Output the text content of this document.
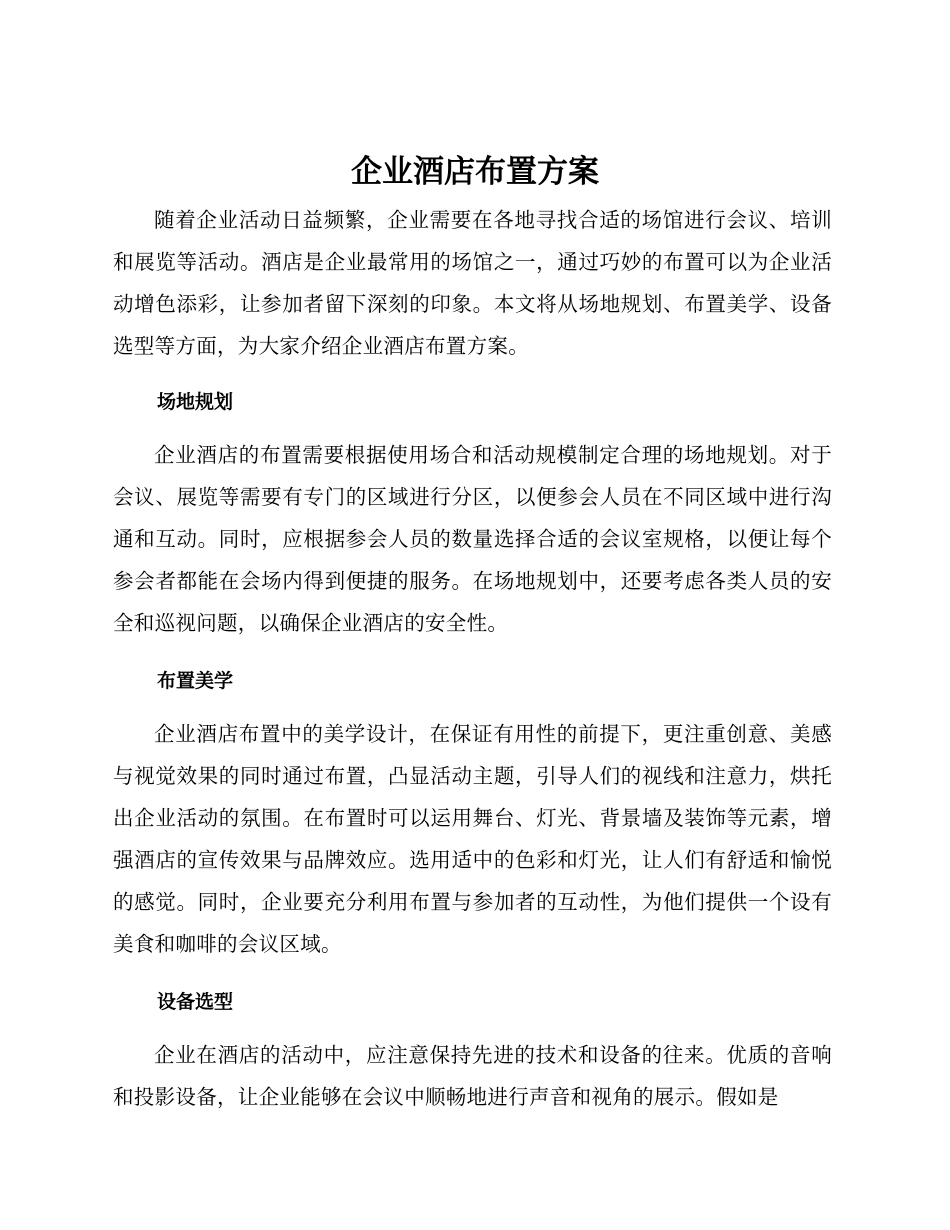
企业酒店布置方案

随着企业活动日益频繁，企业需要在各地寻找合适的场馆进行会议、培训和展览等活动。酒店是企业最常用的场馆之一，通过巧妙的布置可以为企业活动增色添彩，让参加者留下深刻的印象。本文将从场地规划、布置美学、设备选型等方面，为大家介绍企业酒店布置方案。

场地规划

企业酒店的布置需要根据使用场合和活动规模制定合理的场地规划。对于会议、展览等需要有专门的区域进行分区，以便参会人员在不同区域中进行沟通和互动。同时，应根据参会人员的数量选择合适的会议室规格，以便让每个参会者都能在会场内得到便捷的服务。在场地规划中，还要考虑各类人员的安全和巡视问题，以确保企业酒店的安全性。

布置美学

企业酒店布置中的美学设计，在保证有用性的前提下，更注重创意、美感与视觉效果的同时通过布置，凸显活动主题，引导人们的视线和注意力，烘托出企业活动的氛围。在布置时可以运用舞台、灯光、背景墙及装饰等元素，增强酒店的宣传效果与品牌效应。选用适中的色彩和灯光，让人们有舒适和愉悦的感觉。同时，企业要充分利用布置与参加者的互动性，为他们提供一个设有美食和咖啡的会议区域。

设备选型

企业在酒店的活动中，应注意保持先进的技术和设备的往来。优质的音响和投影设备，让企业能够在会议中顺畅地进行声音和视角的展示。假如是
